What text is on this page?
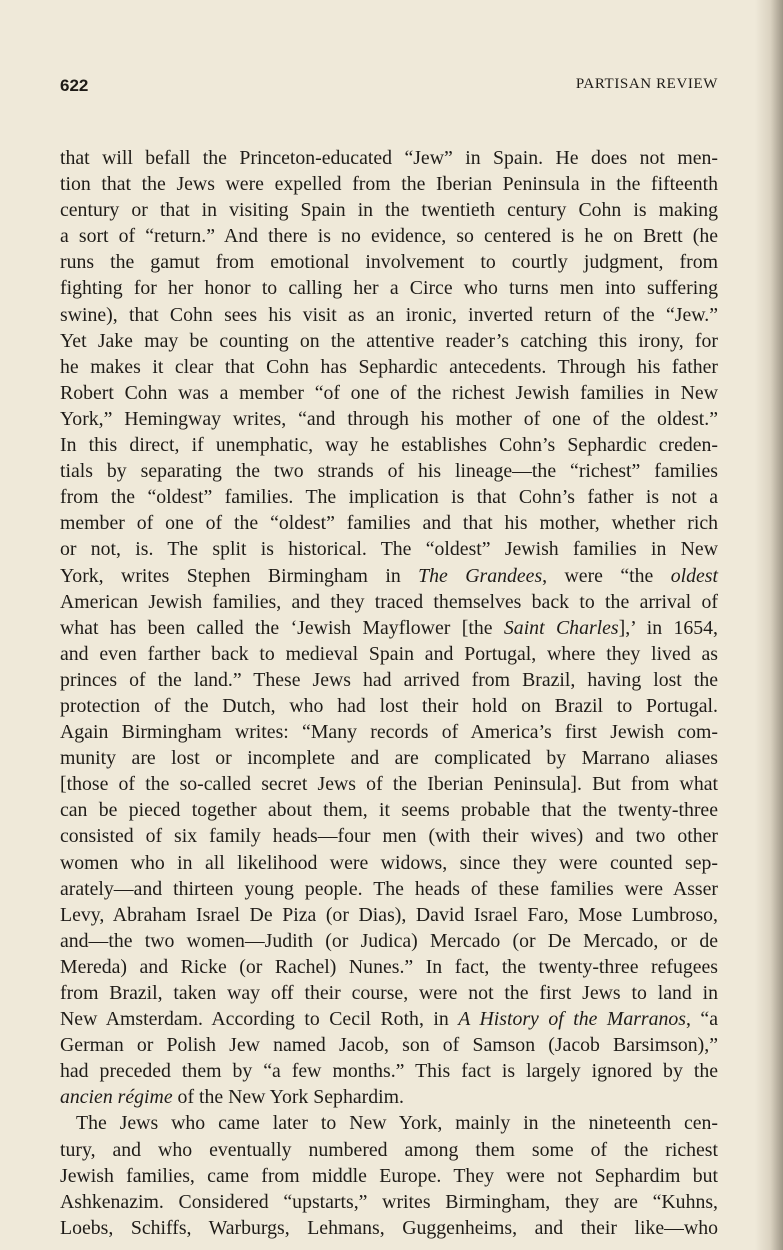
622	PARTISAN REVIEW
that will befall the Princeton-educated “Jew” in Spain. He does not men-
tion that the Jews were expelled from the Iberian Peninsula in the fifteenth
century or that in visiting Spain in the twentieth century Cohn is making
a sort of “return.” And there is no evidence, so centered is he on Brett (he
runs the gamut from emotional involvement to courtly judgment, from
fighting for her honor to calling her a Circe who turns men into suffering
swine), that Cohn sees his visit as an ironic, inverted return of the “Jew.”
Yet Jake may be counting on the attentive reader’s catching this irony, for
he makes it clear that Cohn has Sephardic antecedents. Through his father
Robert Cohn was a member “of one of the richest Jewish families in New
York,” Hemingway writes, “and through his mother of one of the oldest.”
In this direct, if unemphatic, way he establishes Cohn’s Sephardic creden-
tials by separating the two strands of his lineage—the “richest” families
from the “oldest” families. The implication is that Cohn’s father is not a
member of one of the “oldest” families and that his mother, whether rich
or not, is. The split is historical. The “oldest” Jewish families in New
York, writes Stephen Birmingham in The Grandees, were “the oldest
American Jewish families, and they traced themselves back to the arrival of
what has been called the ‘Jewish Mayflower [the Saint Charles],’ in 1654,
and even farther back to medieval Spain and Portugal, where they lived as
princes of the land.” These Jews had arrived from Brazil, having lost the
protection of the Dutch, who had lost their hold on Brazil to Portugal.
Again Birmingham writes: “Many records of America’s first Jewish com-
munity are lost or incomplete and are complicated by Marrano aliases
[those of the so-called secret Jews of the Iberian Peninsula]. But from what
can be pieced together about them, it seems probable that the twenty-three
consisted of six family heads—four men (with their wives) and two other
women who in all likelihood were widows, since they were counted sep-
arately—and thirteen young people. The heads of these families were Asser
Levy, Abraham Israel De Piza (or Dias), David Israel Faro, Mose Lumbroso,
and—the two women—Judith (or Judica) Mercado (or De Mercado, or de
Mereda) and Ricke (or Rachel) Nunes.” In fact, the twenty-three refugees
from Brazil, taken way off their course, were not the first Jews to land in
New Amsterdam. According to Cecil Roth, in A History of the Marranos, “a
German or Polish Jew named Jacob, son of Samson (Jacob Barsimson),”
had preceded them by “a few months.” This fact is largely ignored by the
ancien régime of the New York Sephardim.
The Jews who came later to New York, mainly in the nineteenth cen-
tury, and who eventually numbered among them some of the richest
Jewish families, came from middle Europe. They were not Sephardim but
Ashkenazim. Considered “upstarts,” writes Birmingham, they are “Kuhns,
Loebs, Schiffs, Warburgs, Lehmans, Guggenheims, and their like—who
